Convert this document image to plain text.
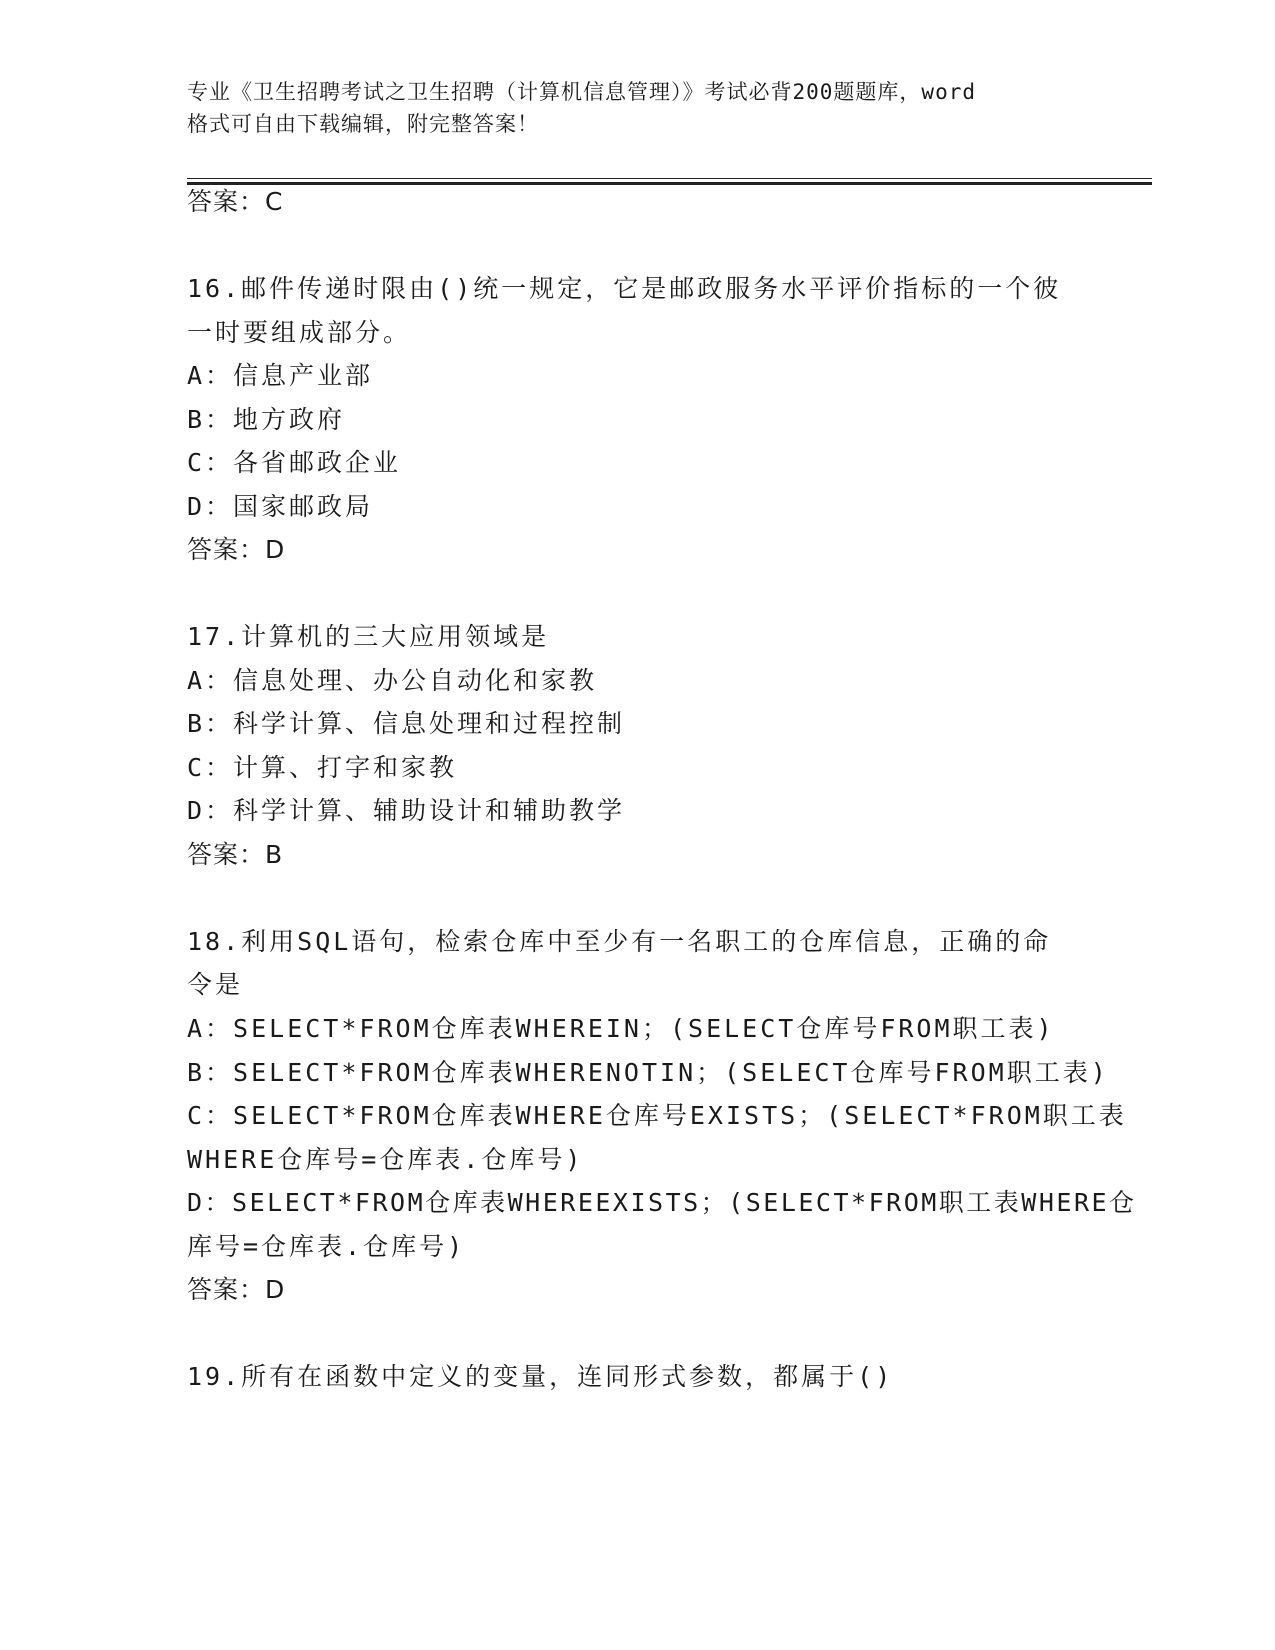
专业《卫生招聘考试之卫生招聘（计算机信息管理）》考试必背200题题库，word
格式可自由下载编辑，附完整答案！
答案：C
16.邮件传递时限由()统一规定，它是邮政服务水平评价指标的一个彼
一时要组成部分。
A：信息产业部
B：地方政府
C：各省邮政企业
D：国家邮政局
答案：D
17.计算机的三大应用领域是
A：信息处理、办公自动化和家教
B：科学计算、信息处理和过程控制
C：计算、打字和家教
D：科学计算、辅助设计和辅助教学
答案：B
18.利用SQL语句，检索仓库中至少有一名职工的仓库信息，正确的命
令是
A：SELECT*FROM仓库表WHEREIN；(SELECT仓库号FROM职工表)
B：SELECT*FROM仓库表WHERENOTIN；(SELECT仓库号FROM职工表)
C：SELECT*FROM仓库表WHERE仓库号EXISTS；(SELECT*FROM职工表
WHERE仓库号=仓库表.仓库号)
D：SELECT*FROM仓库表WHEREEXISTS；(SELECT*FROM职工表WHERE仓
库号=仓库表.仓库号)
答案：D
19.所有在函数中定义的变量，连同形式参数，都属于()
